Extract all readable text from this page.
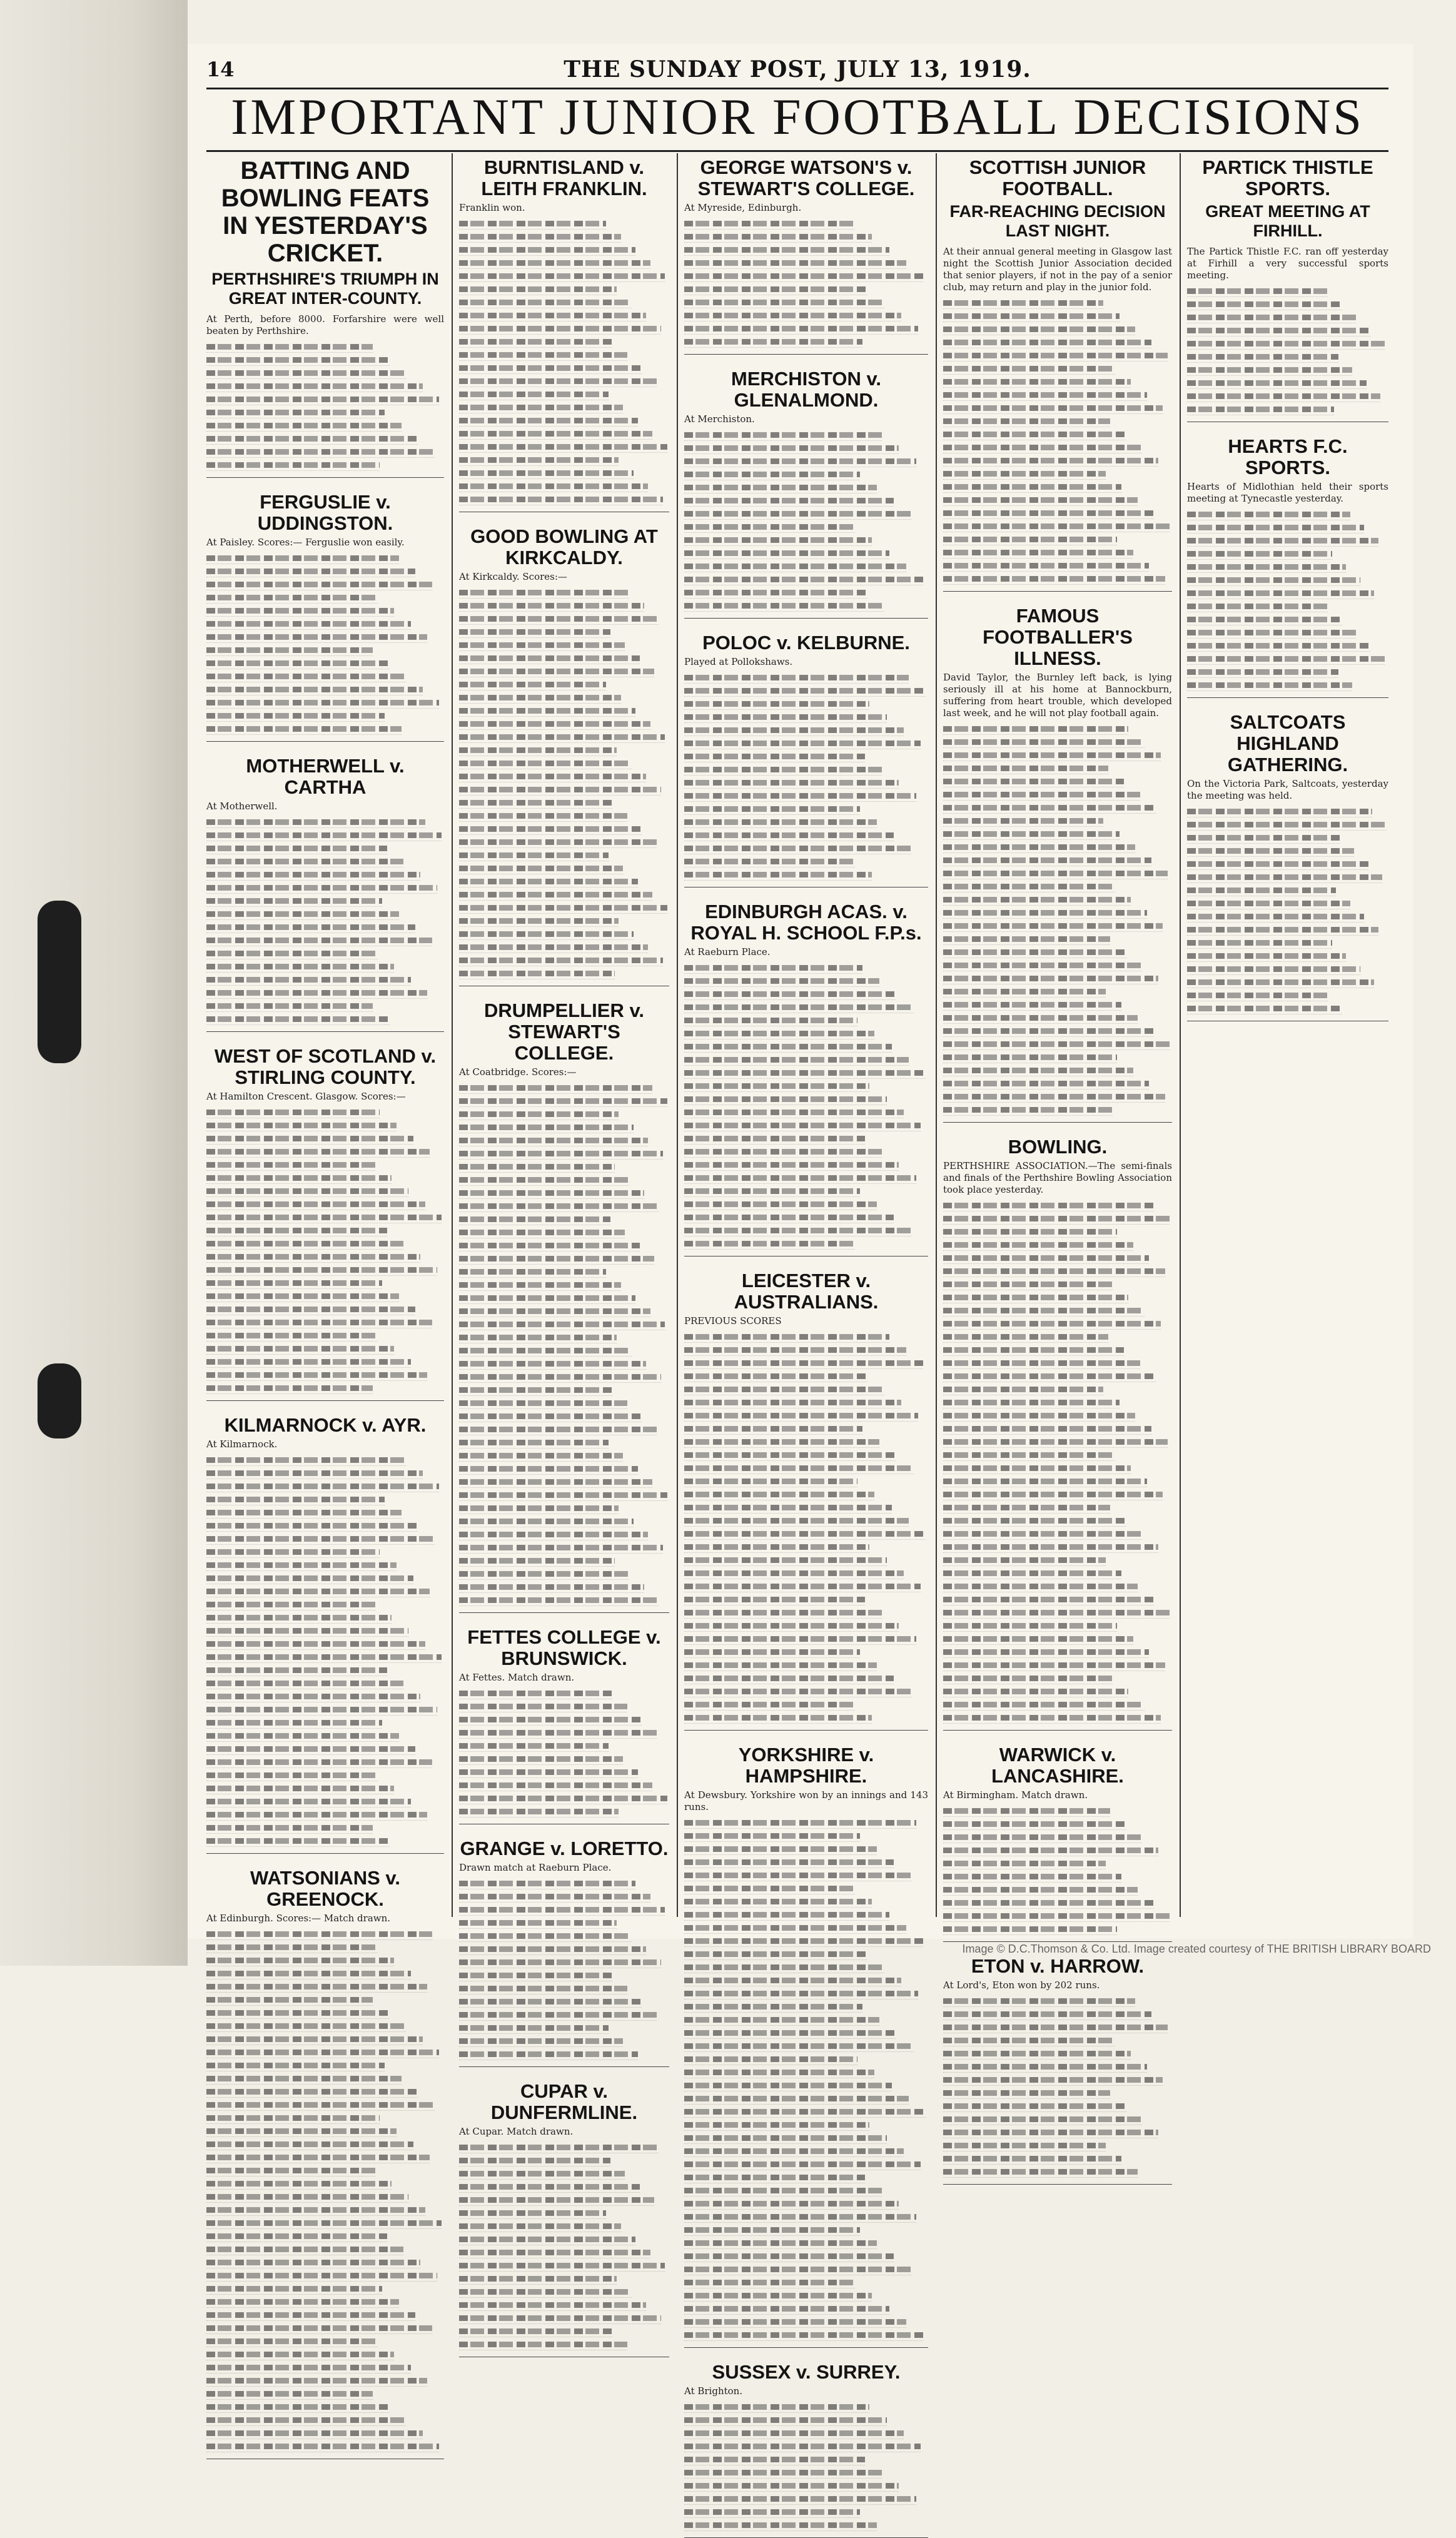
14	THE SUNDAY POST, JULY 13, 1919.
IMPORTANT JUNIOR FOOTBALL DECISIONS
BATTING AND BOWLING FEATS IN YESTERDAY'S CRICKET.
PERTHSHIRE'S TRIUMPH IN GREAT INTER-COUNTY.

At Perth, before 8000. Forfarshire were well beaten by Perthshire.

FERGUSLIE v. UDDINGSTON.

At Paisley. Scores:— Ferguslie won easily.

MOTHERWELL v. CARTHA

At Motherwell.

WEST OF SCOTLAND v. STIRLING COUNTY.

At Hamilton Crescent. Glasgow. Scores:—

KILMARNOCK v. AYR.

At Kilmarnock.

WATSONIANS v. GREENOCK.

At Edinburgh. Scores:— Match drawn.

BURNTISLAND v. LEITH FRANKLIN.

Franklin won.

GOOD BOWLING AT KIRKCALDY.

At Kirkcaldy. Scores:—

DRUMPELLIER v. STEWART'S COLLEGE.

At Coatbridge. Scores:—

FETTES COLLEGE v. BRUNSWICK.

At Fettes. Match drawn.

GRANGE v. LORETTO.

Drawn match at Raeburn Place.

CUPAR v. DUNFERMLINE.

At Cupar. Match drawn.

GEORGE WATSON'S v. STEWART'S COLLEGE.

At Myreside, Edinburgh.

MERCHISTON v. GLENALMOND.

At Merchiston.

POLOC v. KELBURNE.

Played at Pollokshaws.

EDINBURGH ACAS. v. ROYAL H. SCHOOL F.P.s.

At Raeburn Place.

LEICESTER v. AUSTRALIANS.

PREVIOUS SCORES

YORKSHIRE v. HAMPSHIRE.

At Dewsbury. Yorkshire won by an innings and 143 runs.

SUSSEX v. SURREY.

At Brighton.

SCOTTISH JUNIOR FOOTBALL.
FAR-REACHING DECISION LAST NIGHT.

At their annual general meeting in Glasgow last night the Scottish Junior Association decided that senior players, if not in the pay of a senior club, may return and play in the junior fold.

FAMOUS FOOTBALLER'S ILLNESS.

David Taylor, the Burnley left back, is lying seriously ill at his home at Bannockburn, suffering from heart trouble, which developed last week, and he will not play football again.

BOWLING.

PERTHSHIRE ASSOCIATION.—The semi-finals and finals of the Perthshire Bowling Association took place yesterday.

WARWICK v. LANCASHIRE.

At Birmingham. Match drawn.

ETON v. HARROW.

At Lord's, Eton won by 202 runs.

PARTICK THISTLE SPORTS.
GREAT MEETING AT FIRHILL.

The Partick Thistle F.C. ran off yesterday at Firhill a very successful sports meeting.

HEARTS F.C. SPORTS.

Hearts of Midlothian held their sports meeting at Tynecastle yesterday.

SALTCOATS HIGHLAND GATHERING.

On the Victoria Park, Saltcoats, yesterday the meeting was held.

Image © D.C.Thomson & Co. Ltd. Image created courtesy of THE BRITISH LIBRARY BOARD
